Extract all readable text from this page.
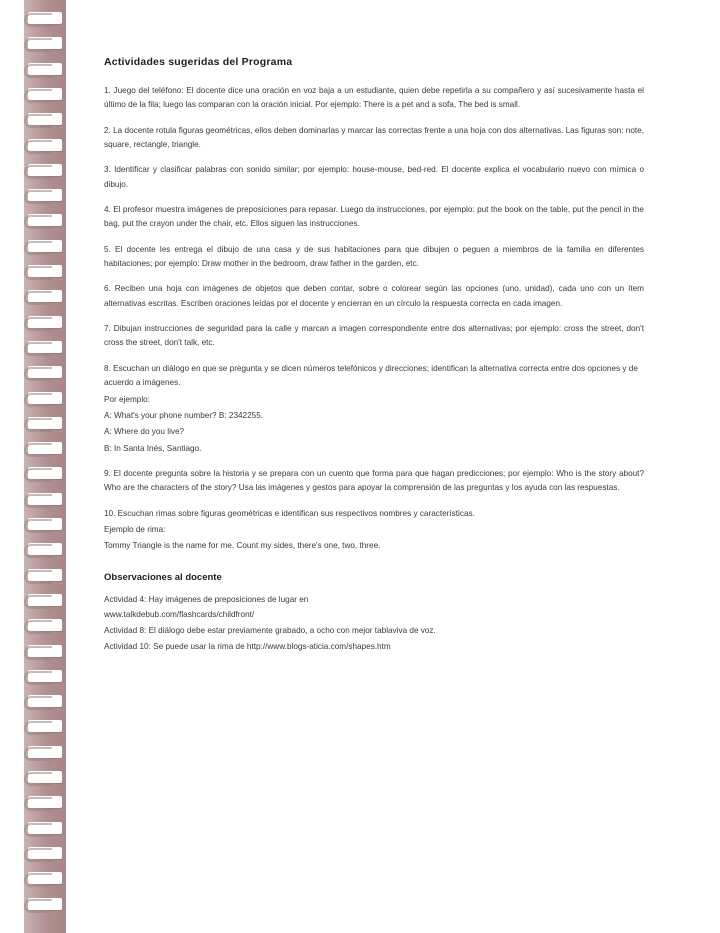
Actividades sugeridas del Programa

1. Juego del teléfono: El docente dice una oración en voz baja a un estudiante, quien debe repetirla a su compañero y así sucesivamente hasta el último de la fila; luego las comparan con la oración inicial. Por ejemplo: There is a pet and a sofa, The bed is small.

2. La docente rotula figuras geométricas, ellos deben dominarlas y marcar las correctas frente a una hoja con dos alternativas. Las figuras son: note, square, rectangle, triangle.

3. Identificar y clasificar palabras con sonido similar; por ejemplo: house-mouse, bed-red. El docente explica el vocabulario nuevo con mímica o dibujo.

4. El profesor muestra imágenes de preposiciones para repasar. Luego da instrucciones, por ejemplo: put the book on the table, put the pencil in the bag, put the crayon under the chair, etc. Ellos siguen las instrucciones.

5. El docente les entrega el dibujo de una casa y de sus habitaciones para que dibujen o peguen a miembros de la familia en diferentes habitaciones; por ejemplo: Draw mother in the bedroom, draw father in the garden, etc.

6. Reciben una hoja con imágenes de objetos que deben contar, sobre o colorear según las opciones (uno, unidad), cada uno con un ítem alternativas escritas. Escriben oraciones leídas por el docente y encierran en un círculo la respuesta correcta en cada imagen.

7. Dibujan instrucciones de seguridad para la calle y marcan a imagen correspondiente entre dos alternativas; por ejemplo: cross the street, don't cross the street, don't talk, etc.

8. Escuchan un diálogo en que se pregunta y se dicen números telefónicos y direcciones; identifican la alternativa correcta entre dos opciones y de acuerdo a imágenes.

Por ejemplo:

A: What's your phone number? B: 2342255.

A: Where do you live?

B: In Santa Inés, Santiago.

9. El docente pregunta sobre la historia y se prepara con un cuento que forma para que hagan predicciones; por ejemplo: Who is the story about? Who are the characters of the story? Usa las imágenes y gestos para apoyar la comprensión de las preguntas y los ayuda con las respuestas.

10. Escuchan rimas sobre figuras geométricas e identifican sus respectivos nombres y características.

Ejemplo de rima:

Tommy Triangle is the name for me. Count my sides, there's one, two, three.

Observaciones al docente

Actividad 4: Hay imágenes de preposiciones de lugar en

www.talkdebub.com/flashcards/childfront/

Actividad 8: El diálogo debe estar previamente grabado, a ocho con mejor tablaviva de voz.

Actividad 10: Se puede usar la rima de http://www.blogs-aticia.com/shapes.htm
